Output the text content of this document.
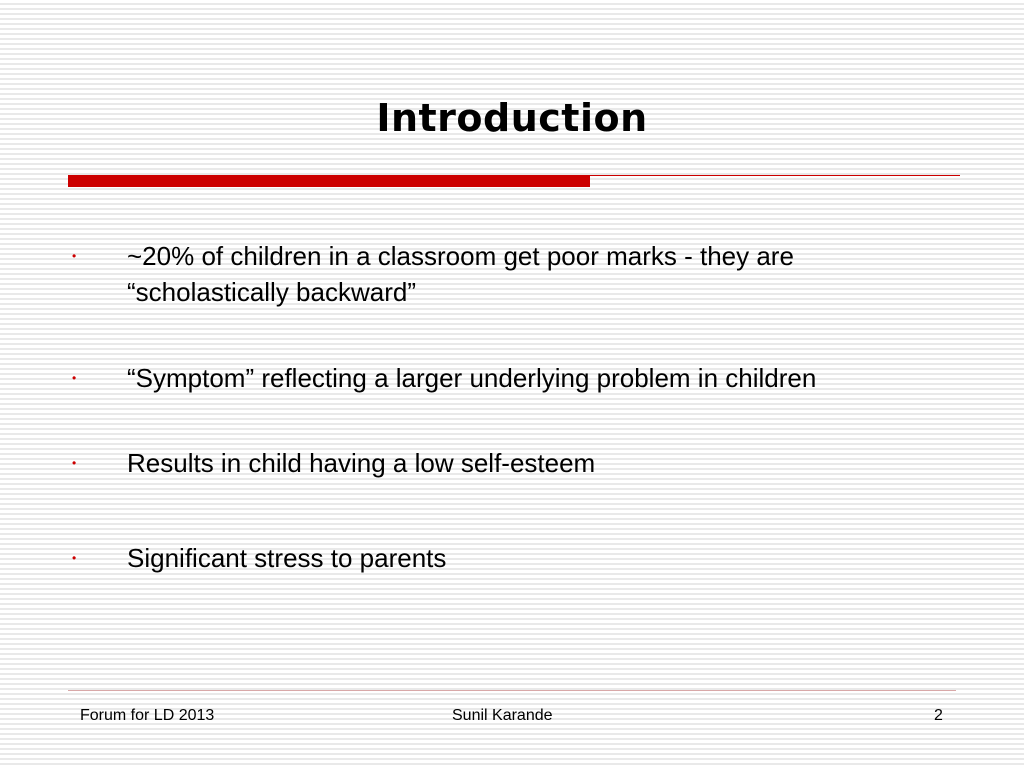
Introduction
• ~20% of children in a classroom get poor marks - they are “scholastically backward”
• “Symptom” reflecting a larger underlying problem in children
• Results in child having a low self-esteem
• Significant stress to parents
Forum for LD 2013	Sunil Karande	2
